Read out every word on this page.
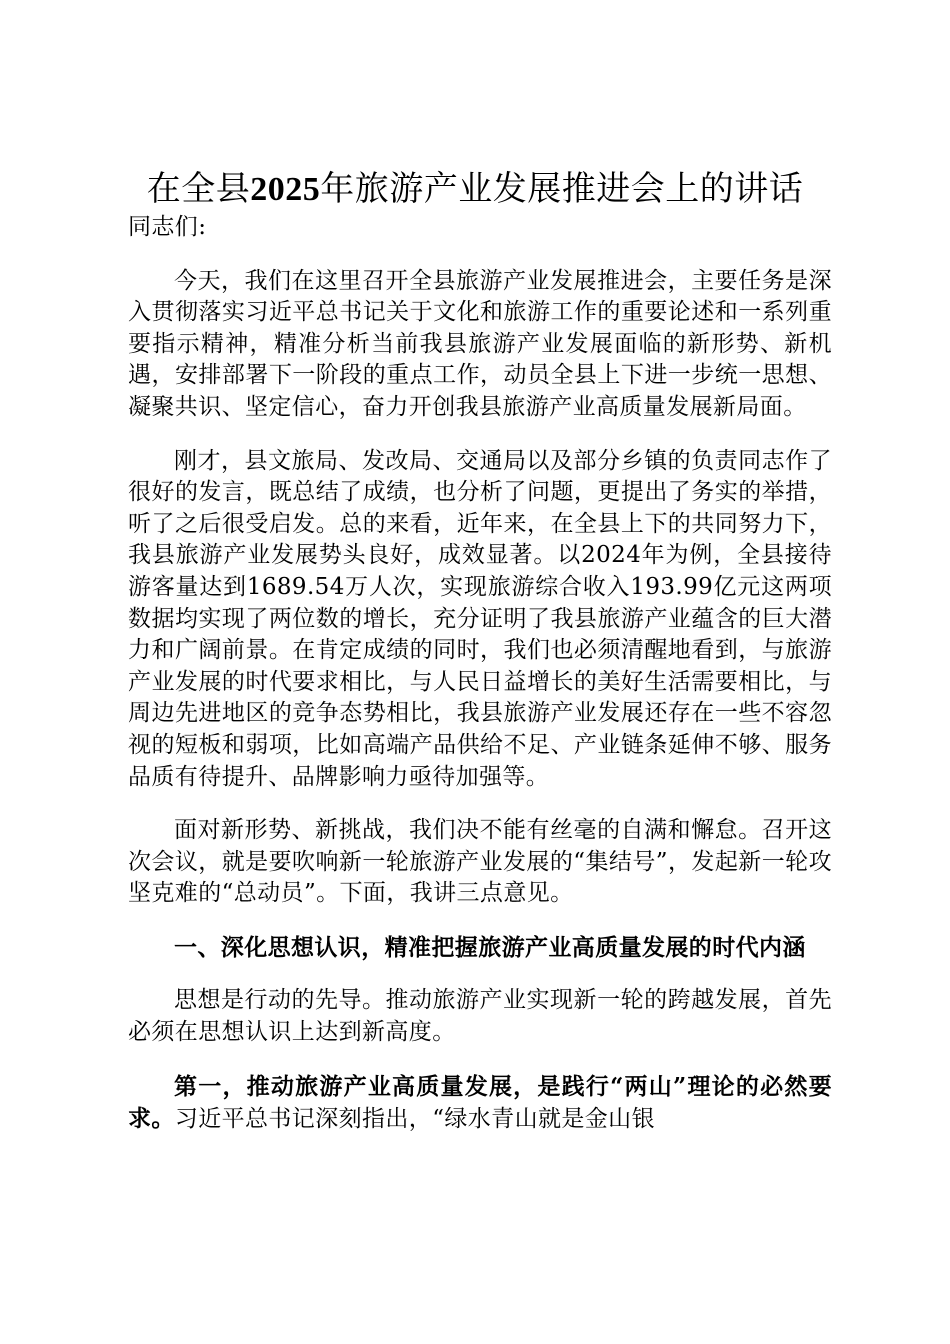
在全县2025年旅游产业发展推进会上的讲话

同志们:

今天，我们在这里召开全县旅游产业发展推进会，主要任务是深入贯彻落实习近平总书记关于文化和旅游工作的重要论述和一系列重要指示精神，精准分析当前我县旅游产业发展面临的新形势、新机遇，安排部署下一阶段的重点工作，动员全县上下进一步统一思想、凝聚共识、坚定信心，奋力开创我县旅游产业高质量发展新局面。

刚才，县文旅局、发改局、交通局以及部分乡镇的负责同志作了很好的发言，既总结了成绩，也分析了问题，更提出了务实的举措，听了之后很受启发。总的来看，近年来，在全县上下的共同努力下，我县旅游产业发展势头良好，成效显著。以2024年为例，全县接待游客量达到1689.54万人次，实现旅游综合收入193.99亿元这两项数据均实现了两位数的增长，充分证明了我县旅游产业蕴含的巨大潜力和广阔前景。在肯定成绩的同时，我们也必须清醒地看到，与旅游产业发展的时代要求相比，与人民日益增长的美好生活需要相比，与周边先进地区的竞争态势相比，我县旅游产业发展还存在一些不容忽视的短板和弱项，比如高端产品供给不足、产业链条延伸不够、服务品质有待提升、品牌影响力亟待加强等。

面对新形势、新挑战，我们决不能有丝毫的自满和懈怠。召开这次会议，就是要吹响新一轮旅游产业发展的“集结号”，发起新一轮攻坚克难的“总动员”。下面，我讲三点意见。

一、深化思想认识，精准把握旅游产业高质量发展的时代内涵

思想是行动的先导。推动旅游产业实现新一轮的跨越发展，首先必须在思想认识上达到新高度。

第一，推动旅游产业高质量发展，是践行“两山”理论的必然要求。习近平总书记深刻指出，“绿水青山就是金山银
